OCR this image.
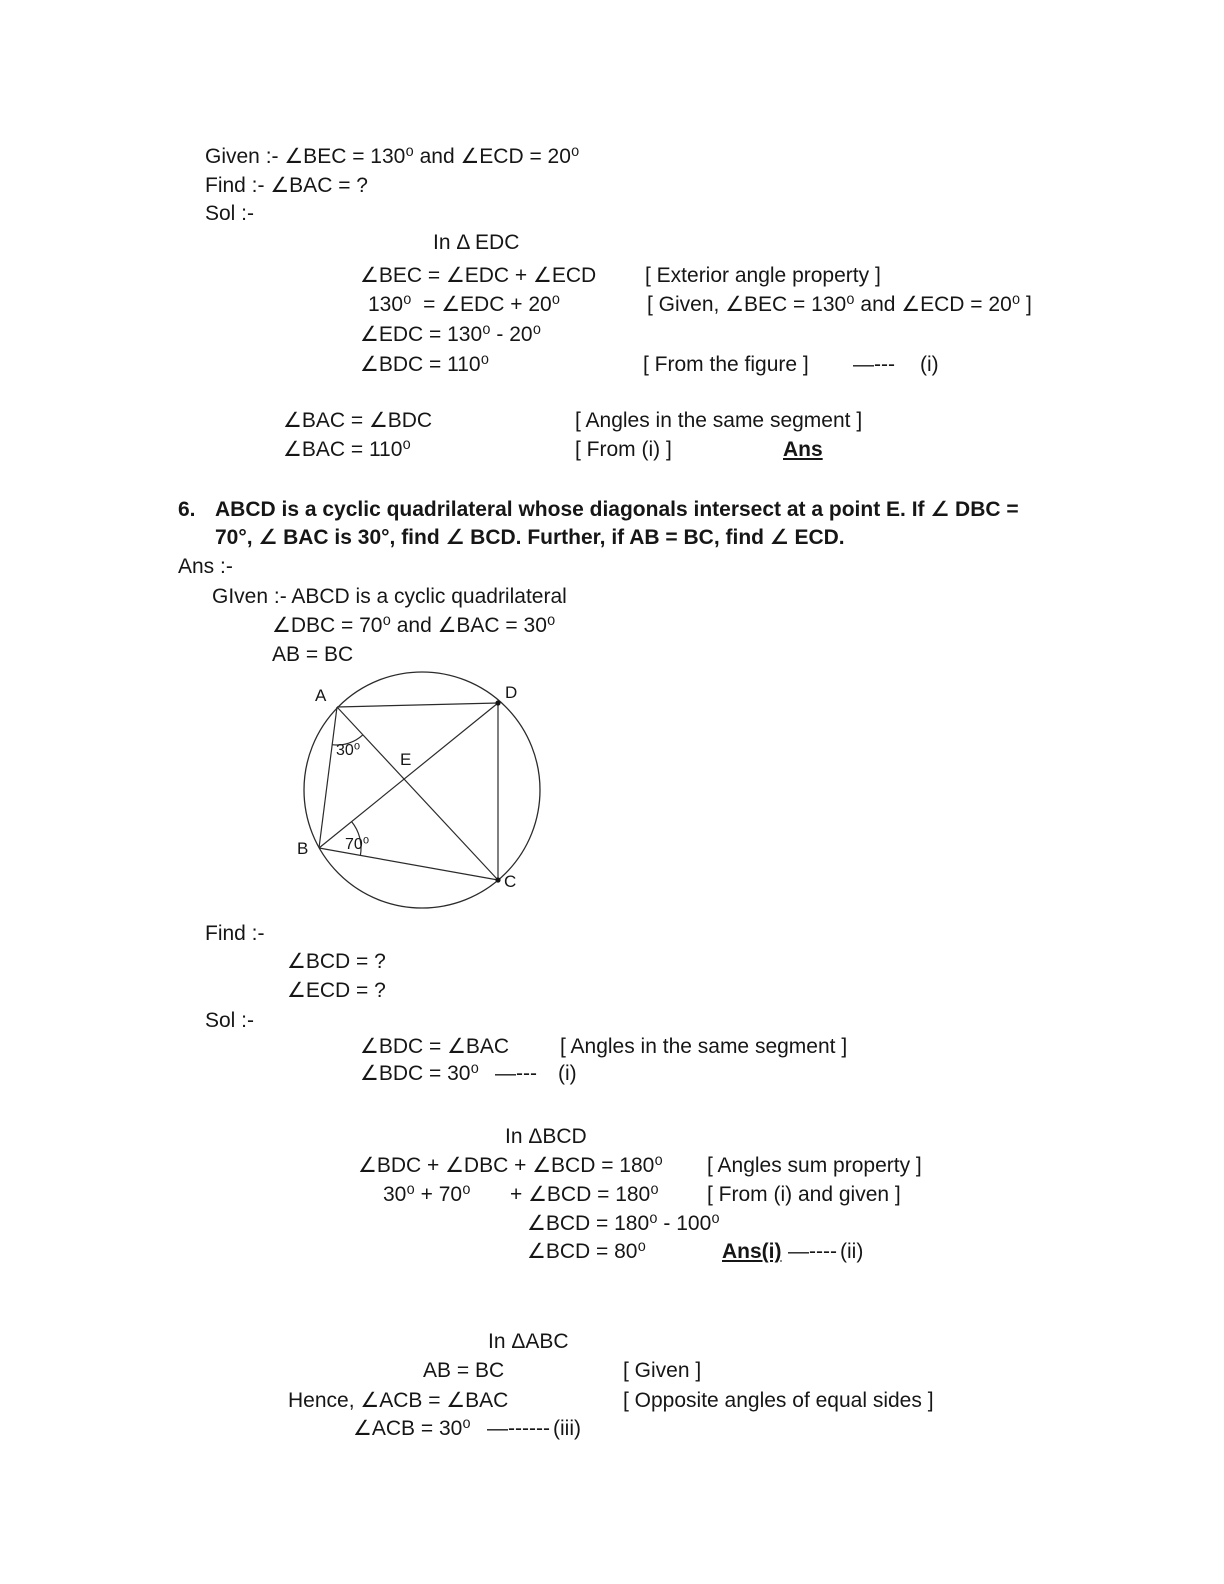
Given :- ∠BEC = 130⁰ and ∠ECD = 20⁰
Find :- ∠BAC = ?
Sol :-
In Δ EDC
∠BEC = ∠EDC + ∠ECD [ Exterior angle property ]
130⁰  = ∠EDC + 20⁰	[ Given, ∠BEC = 130⁰ and ∠ECD = 20⁰ ]
∠EDC = 130⁰ - 20⁰
∠BDC = 110⁰	[ From the figure ] —--- (i)
∠BAC = ∠BDC	[ Angles in the same segment ]
∠BAC = 110⁰	[ From (i) ]	Ans
6. ABCD is a cyclic quadrilateral whose diagonals intersect at a point E. If ∠ DBC =
70°, ∠ BAC is 30°, find ∠ BCD. Further, if AB = BC, find ∠ ECD.
Ans :-
GIven :- ABCD is a cyclic quadrilateral
∠DBC = 70⁰ and ∠BAC = 30⁰
AB = BC
A	D
B
C
E
30⁰
70⁰
Find :-
∠BCD = ?
∠ECD = ?
Sol :-
∠BDC = ∠BAC [ Angles in the same segment ]
∠BDC = 30⁰ —--- (i)
In ΔBCD
∠BDC + ∠DBC + ∠BCD = 180⁰ [ Angles sum property ]
30⁰ + 70⁰ + ∠BCD = 180⁰ [ From (i) and given ]
∠BCD = 180⁰ - 100⁰
∠BCD = 80⁰	Ans(i) —---- (ii)
In ΔABC
AB = BC	[ Given ]
Hence, ∠ACB = ∠BAC	[ Opposite angles of equal sides ]
∠ACB = 30⁰ —------ (iii)
